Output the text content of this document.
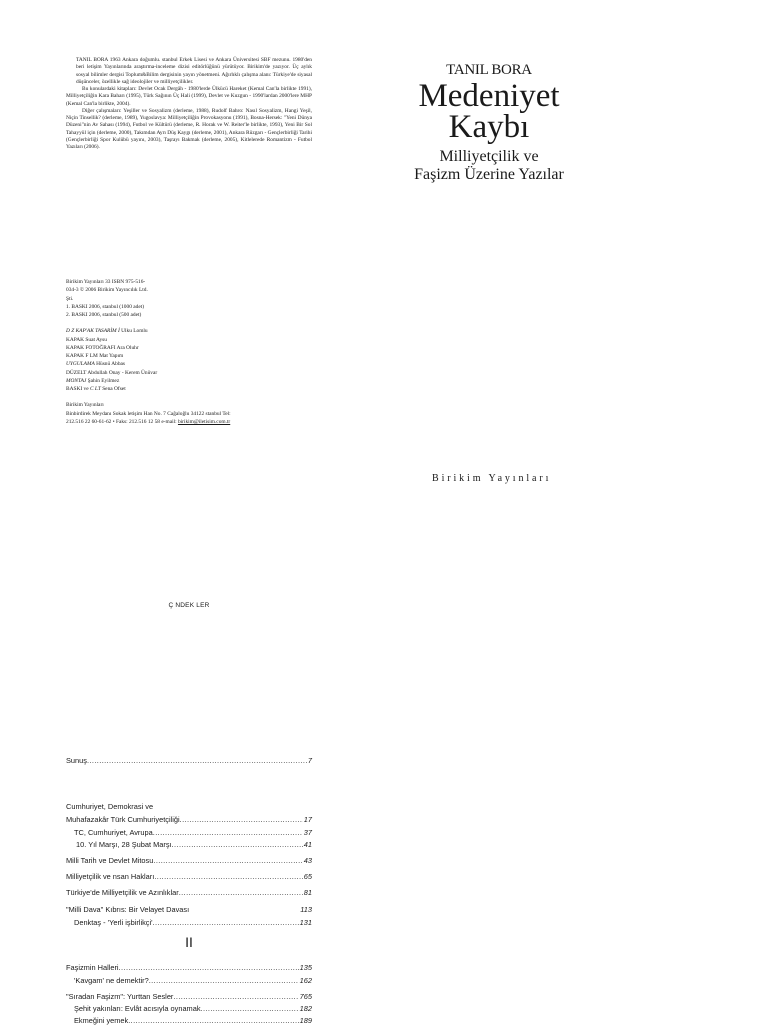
TANIL BORA 1963 Ankara doğumlu. stanbul Erkek Lisesi ve Ankara Üniversitesi SBF mezunu. 1980'den beri letişim Yayınlarında araştırma-inceleme dizisi editörlüğünü yürütüyor. Birikim'de yazıyor. Üç aylık sosyal bilimler dergisi Toplum&Bilim dergisinin yayın yönetmeni. Ağırlıklı çalışma alanı: Türkiye'de siyasal düşünceler, özellikle sağ ideolojiler ve milliyetçilikler.

Bu konulardaki kitapları: Devlet Ocak Dergâh - 1980'lerde Ülkücü Hareket (Kemal Can'la birlikte 1991), Milliyetçiliğin Kara Baharı (1995), Türk Sağının Üç Hali (1999), Devlet ve Kuzgun - 1990'lardan 2000'lere MHP (Kemal Can'la birlikte, 2004).

Diğer çalışmaları: Yeşiller ve Sosyalizm (derleme, 1988), Rudolf Bahro: Nasıl Sosyalizm, Hangi Yeşil, Niçin Tinsellik? (derleme, 1989), Yugoslavya: Milliyetçiliğin Provokasyonu (1991), Bosna-Hersek: "Yeni Dünya Düzeni"nin Av Sahası (1994), Futbol ve Kültürü (derleme, R. Horak ve W. Reiter'le birlikte, 1993), Yeni Bir Sol Tahayyül için (derleme, 2000), Takımdan Ayrı Düş Kaygı (derleme, 2001), Ankara Rüzgarı - Gençlerbirliği Tarihi (Gençlerbirliği Spor Kulübü yayını, 2003), Taşrayı Bakmak (derleme, 2005), Kitlelerede Romantizm - Futbol Yazıları (2006).

TANIL BORA
Medeniyet
Kaybı
Milliyetçilik ve
Faşizm Üzerine Yazılar
Birikim Yayınları

Birikim Yayınları 33 ISBN 975-516-

034-3 © 2006 Birikim Yayıncılık Ltd.

Şti.

1. BASKI 2006, stanbul (1000 adet)

2. BASKI 2006, stanbul (500 adet)

D Z KAP'AK TASARİM İ Ulku Lomlu

KAPAK Suat Aysu

KAPAK FOTOĞRAFI Ara Oluhr

KAPAK F LM Mat Yapım

UYGULAMA Hüsnü Abbas

DÜZELT Abdullah Onay - Kerem Ünüvar

MONTAJ Şahin Eyilmez

BASKI ve C LT Sena Ofset

Birikim Yayınları

Binbirdirek Meydanı Sokak letişim Han No. 7 Cağaloğlu 34122 stanbul Tel:

212.516 22 60-61-62 • Faks: 212.516 12 58 e-mail: birikim@iletisim.com.tr

Ç NDEK LER
Sunuş .....	7
Cumhuriyet, Demokrasi ve
Muhafazakâr Türk Cumhuriyetçiliği .....	17
TC, Cumhuriyet, Avrupa .....	37
10. Yıl Marşı, 28 Şubat Marşı .....	41
Milli Tarih ve Devlet Mitosu .....	43
Milliyetçilik ve nsan Hakları .....	65
Türkiye'de Milliyetçilik ve Azınlıklar .....	81
"Milli Dava" Kıbrıs: Bir Velayet Davası	113
Denktaş - 'Yerli işbirlikçi' .....	131
II
Faşizmin Halleri .....	135
'Kavgam' ne demektir? .....	162
"Sıradan Faşizm": Yurttan Sesler .....	765
Şehit yakınları: Evlât acısıyla oynamak .....	182
Ekmeğini yemek .....	189
